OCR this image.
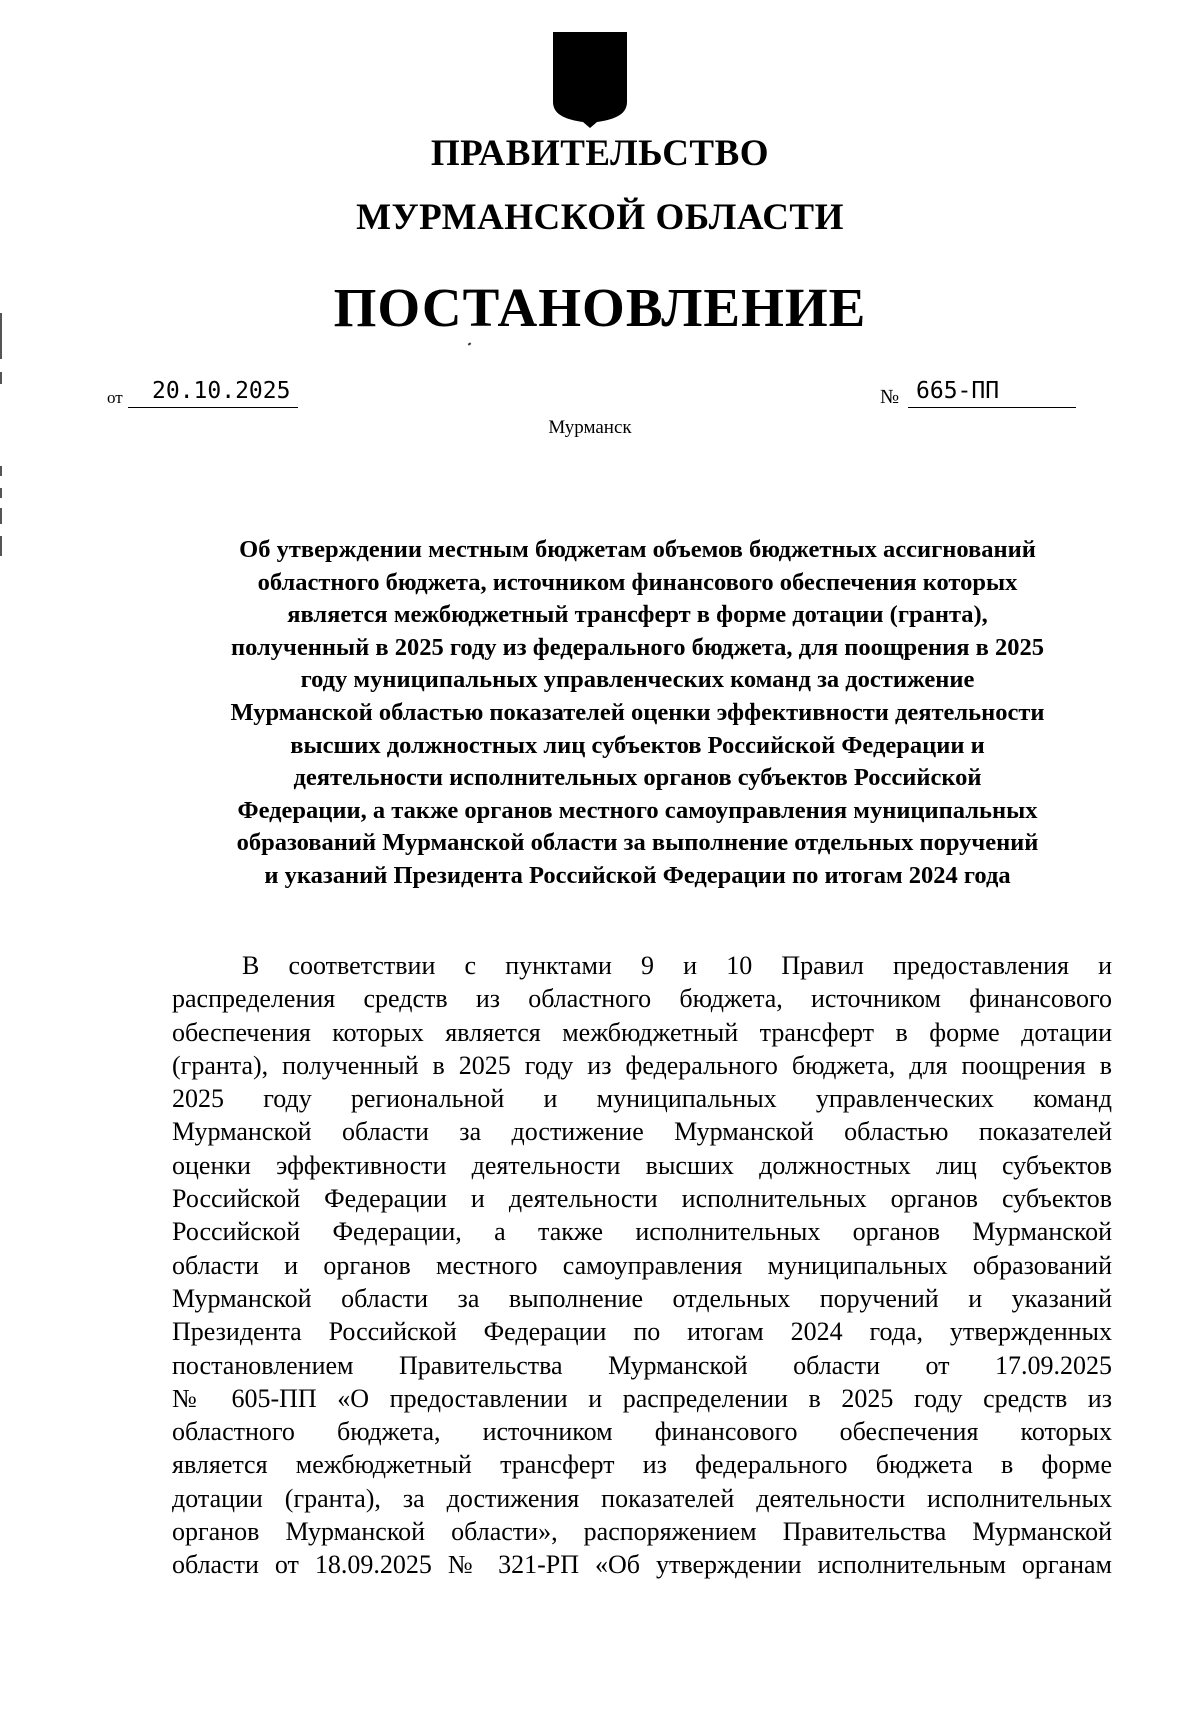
ПРАВИТЕЛЬСТВО
МУРМАНСКОЙ ОБЛАСТИ
ПОСТАНОВЛЕНИЕ
от	20.10.2025	№ 665-ПП
Мурманск
Об утверждении местным бюджетам объемов бюджетных ассигнований
областного бюджета, источником финансового обеспечения которых
является межбюджетный трансферт в форме дотации (гранта),
полученный в 2025 году из федерального бюджета, для поощрения в 2025
году муниципальных управленческих команд за достижение
Мурманской областью показателей оценки эффективности деятельности
высших должностных лиц субъектов Российской Федерации и
деятельности исполнительных органов субъектов Российской
Федерации, а также органов местного самоуправления муниципальных
образований Мурманской области за выполнение отдельных поручений
и указаний Президента Российской Федерации по итогам 2024 года
В соответствии с пунктами 9 и 10 Правил предоставления и
распределения средств из областного бюджета, источником финансового
обеспечения которых является межбюджетный трансферт в форме дотации
(гранта), полученный в 2025 году из федерального бюджета, для поощрения в
2025 году региональной и муниципальных управленческих команд
Мурманской области за достижение Мурманской областью показателей
оценки эффективности деятельности высших должностных лиц субъектов
Российской Федерации и деятельности исполнительных органов субъектов
Российской Федерации, а также исполнительных органов Мурманской
области и органов местного самоуправления муниципальных образований
Мурманской области за выполнение отдельных поручений и указаний
Президента Российской Федерации по итогам 2024 года, утвержденных
постановлением Правительства Мурманской области от 17.09.2025
№ 605-ПП «О предоставлении и распределении в 2025 году средств из
областного бюджета, источником финансового обеспечения которых
является межбюджетный трансферт из федерального бюджета в форме
дотации (гранта), за достижения показателей деятельности исполнительных
органов Мурманской области», распоряжением Правительства Мурманской
области от 18.09.2025 № 321-РП «Об утверждении исполнительным органам
